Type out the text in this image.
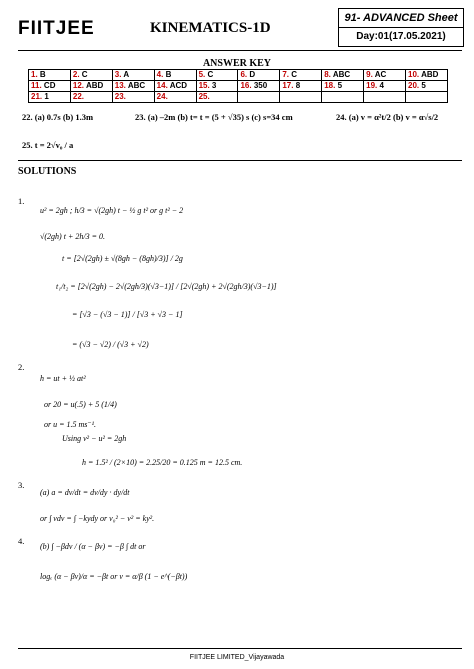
FIITJEE	KINEMATICS-1D
91- ADVANCED Sheet
Day:01(17.05.2021)
ANSWER KEY
1. B	2. C	3. A	4. B	5. C	6. D	7. C	8. ABC	9. AC	10. ABD
11. CD	12. ABD	13. ABC	14. ACD	15. 3	16. 350	17. 8	18. 5	19. 4	20. 5
21. 1	22.	23.	24.	25.					
22. (a) 0.7s (b) 1.3m	23. (a) –2m (b) t= t = (5 + √35) s (c) s=34 cm	24. (a) v = α²t/2 (b) v = α√s/2
25. t = 2√v₀ / a
SOLUTIONS
1.
u² = 2gh ; h/3 = √(2gh) t − ½ g t² or g t² − 2
√(2gh) t + 2h/3 = 0.
t = [2√(2gh) ± √(8gh − (8gh)/3)] / 2g
t₁/t₂ = [2√(2gh) − 2√(2gh/3)(√3−1)] / [2√(2gh) + 2√(2gh/3)(√3−1)]
= [√3 − (√3 − 1)] / [√3 + √3 − 1]
= (√3 − √2) / (√3 + √2)
2.
h = ut + ½ at²
or 20 = u(.5) + 5 (1/4)
or u = 1.5 ms⁻¹.
Using v² − u² = 2gh
h = 1.5² / (2×10) = 2.25/20 = 0.125 m = 12.5 cm.
3.
(a) a = dv/dt = dv/dy · dy/dt
or ∫ vdv = ∫ −kydy or v₀² − v² = ky².
4.
(b) ∫ −βdv / (α − βv) = −β ∫ dt or
logₑ (α − βv)/α = −βt or v = α/β (1 − e^(−βt))
FIITJEE LIMITED_Vijayawada
